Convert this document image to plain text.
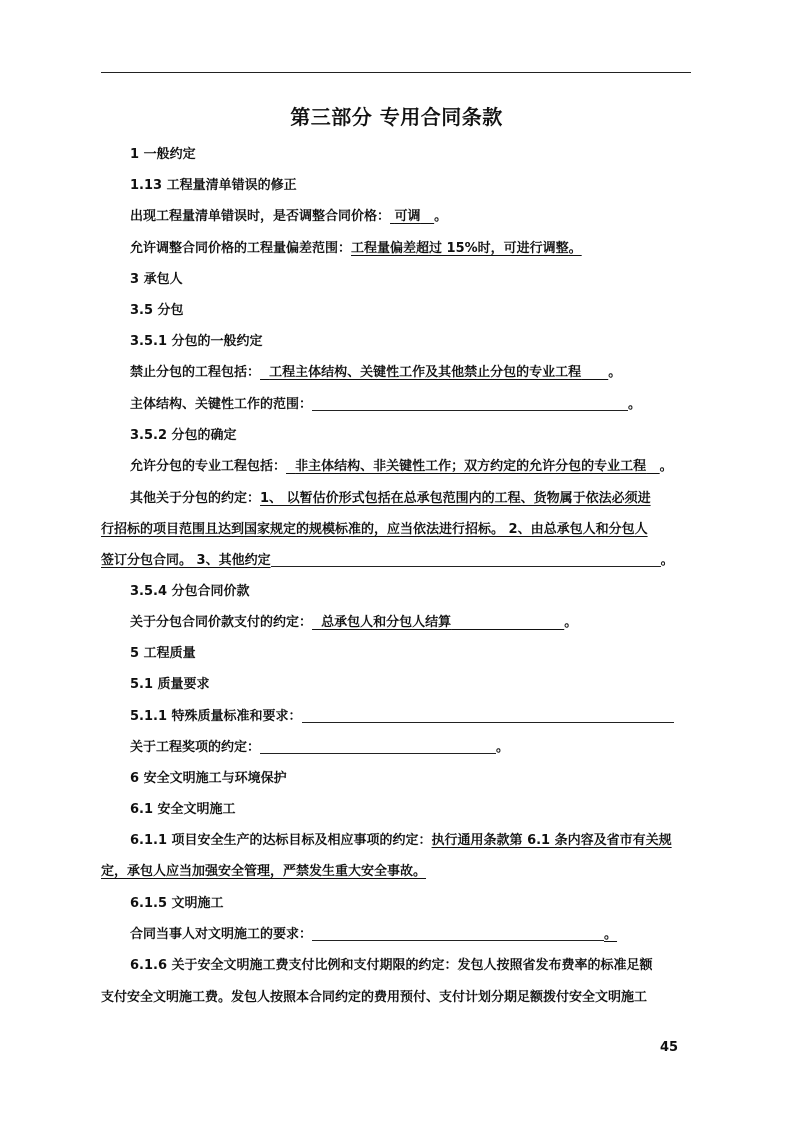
第三部分 专用合同条款
1 一般约定
1.13 工程量清单错误的修正
出现工程量清单错误时，是否调整合同价格： 可调 。
允许调整合同价格的工程量偏差范围：工程量偏差超过 15%时，可进行调整。
3 承包人
3.5 分包
3.5.1 分包的一般约定
禁止分包的工程包括： 工程主体结构、关键性工作及其他禁止分包的专业工程 。
主体结构、关键性工作的范围：	。
3.5.2 分包的确定
允许分包的专业工程包括： 非主体结构、非关键性工作；双方约定的允许分包的专业工程 。
其他关于分包的约定：1、 以暂估价形式包括在总承包范围内的工程、货物属于依法必须进
行招标的项目范围且达到国家规定的规模标准的，应当依法进行招标。 2、由总承包人和分包人
签订分包合同。 3、其他约定	。
3.5.4 分包合同价款
关于分包合同价款支付的约定： 总承包人和分包人结算	。
5 工程质量
5.1 质量要求
5.1.1 特殊质量标准和要求：
关于工程奖项的约定：	。
6 安全文明施工与环境保护
6.1 安全文明施工
6.1.1 项目安全生产的达标目标及相应事项的约定：执行通用条款第 6.1 条内容及省市有关规
定，承包人应当加强安全管理，严禁发生重大安全事故。
6.1.5 文明施工
合同当事人对文明施工的要求：	。
6.1.6 关于安全文明施工费支付比例和支付期限的约定：发包人按照省发布费率的标准足额
支付安全文明施工费。发包人按照本合同约定的费用预付、支付计划分期足额拨付安全文明施工
45
